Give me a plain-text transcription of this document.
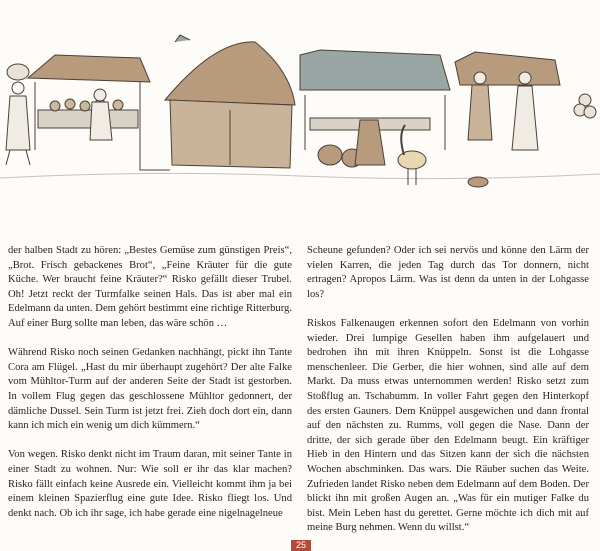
der halben Stadt zu hören: „Bestes Gemüse zum günstigen Preis“, „Brot. Frisch gebackenes Brot“, „Feine Kräuter für die gute Küche. Wer braucht feine Kräuter?“ Risko gefällt dieser Trubel. Oh! Jetzt reckt der Turmfalke seinen Hals. Das ist aber mal ein Edelmann da unten. Dem gehört bestimmt eine richtige Ritterburg. Auf einer Burg sollte man leben, das wäre schön …

Während Risko noch seinen Gedanken nachhängt, pickt ihn Tante Cora am Flügel. „Hast du mir überhaupt zugehört? Der alte Falke vom Mühltor-Turm auf der anderen Seite der Stadt ist gestorben. In vollem Flug gegen das geschlossene Mühltor gedonnert, der dämliche Dussel. Sein Turm ist jetzt frei. Zieh doch dort ein, dann kann ich mich ein wenig um dich kümmern.“

Von wegen. Risko denkt nicht im Traum daran, mit seiner Tante in einer Stadt zu wohnen. Nur: Wie soll er ihr das klar machen? Risko fällt einfach keine Ausrede ein. Vielleicht kommt ihm ja bei einem kleinen Spazierflug eine gute Idee. Risko fliegt los. Und denkt nach. Ob ich ihr sage, ich habe gerade eine nigelnagelneue

Scheune gefunden? Oder ich sei nervös und könne den Lärm der vielen Karren, die jeden Tag durch das Tor donnern, nicht ertragen? Apropos Lärm. Was ist denn da unten in der Lohgasse los?

Riskos Falkenaugen erkennen sofort den Edelmann von vorhin wieder. Drei lumpige Gesellen haben ihm aufgelauert und bedrohen ihn mit ihren Knüppeln. Sonst ist die Lohgasse menschenleer. Die Gerber, die hier wohnen, sind alle auf dem Markt. Da muss etwas unternommen werden! Risko setzt zum Stoßflug an. Tschabumm. In voller Fahrt gegen den Hinterkopf des ersten Gauners. Dem Knüppel ausgewichen und dann frontal auf den nächsten zu. Rumms, voll gegen die Nase. Dann der dritte, der sich gerade über den Edelmann beugt. Ein kräftiger Hieb in den Hintern und das Sitzen kann der sich die nächsten Wochen abschminken. Das wars. Die Räuber suchen das Weite. Zufrieden landet Risko neben dem Edelmann auf dem Boden. Der blickt ihn mit großen Augen an. „Was für ein mutiger Falke du bist. Mein Leben hast du gerettet. Gerne möchte ich dich mit auf meine Burg nehmen. Wenn du willst.“

25
